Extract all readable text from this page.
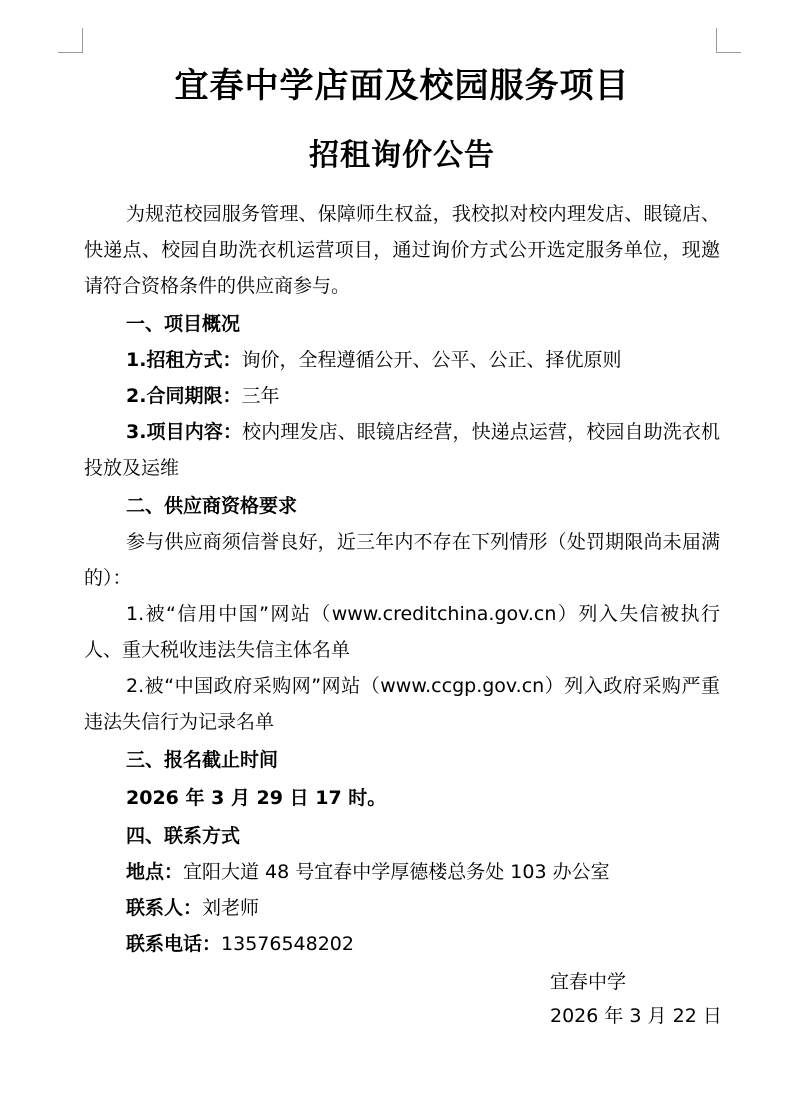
宜春中学店面及校园服务项目
招租询价公告
为规范校园服务管理、保障师生权益，我校拟对校内理发店、眼镜店、快递点、校园自助洗衣机运营项目，通过询价方式公开选定服务单位，现邀请符合资格条件的供应商参与。
一、项目概况
1.招租方式：询价，全程遵循公开、公平、公正、择优原则
2.合同期限：三年
3.项目内容：校内理发店、眼镜店经营，快递点运营，校园自助洗衣机投放及运维
二、供应商资格要求
参与供应商须信誉良好，近三年内不存在下列情形（处罚期限尚未届满的）：
1.被“信用中国”网站（www.creditchina.gov.cn）列入失信被执行人、重大税收违法失信主体名单
2.被“中国政府采购网”网站（www.ccgp.gov.cn）列入政府采购严重违法失信行为记录名单
三、报名截止时间
2026 年 3 月 29 日 17 时。
四、联系方式
地点：宜阳大道 48 号宜春中学厚德楼总务处 103 办公室
联系人：刘老师
联系电话：13576548202
宜春中学
2026 年 3 月 22 日
